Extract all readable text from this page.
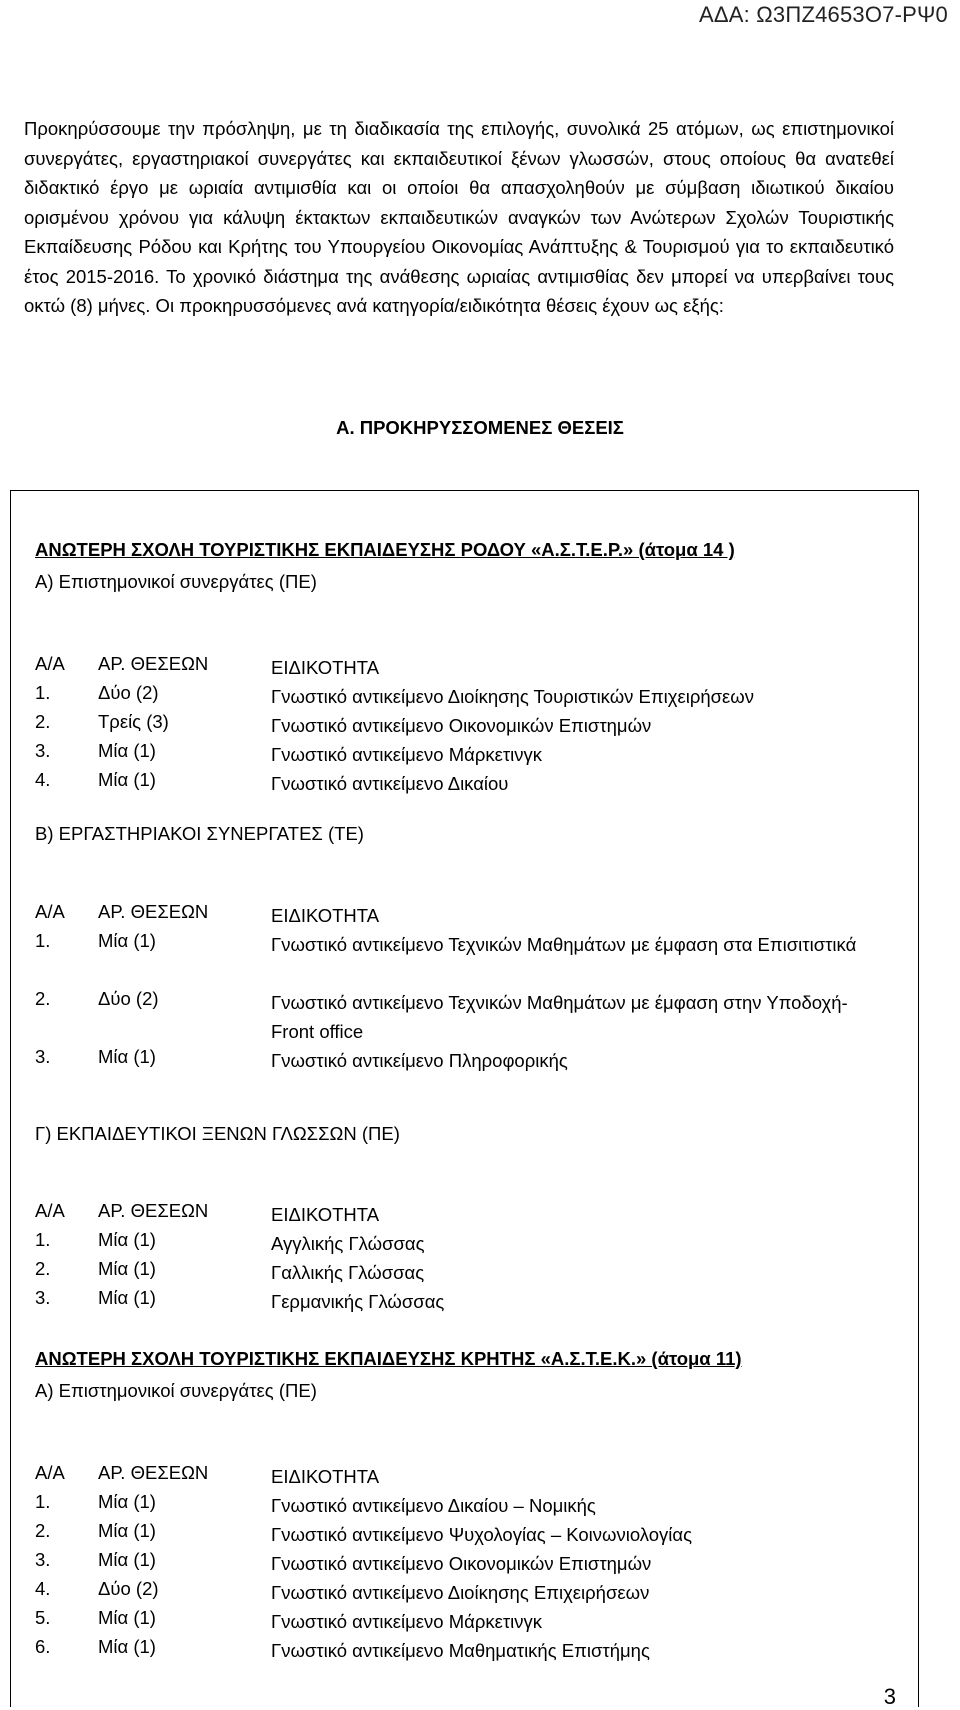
ΑΔΑ: Ω3ΠΖ4653Ο7-ΡΨ0

Προκηρύσσουμε την πρόσληψη, με τη διαδικασία της επιλογής, συνολικά 25 ατόμων, ως επιστημονικοί συνεργάτες, εργαστηριακοί συνεργάτες και εκπαιδευτικοί ξένων γλωσσών, στους οποίους θα ανατεθεί διδακτικό έργο με ωριαία αντιμισθία και οι οποίοι θα απασχοληθούν με σύμβαση ιδιωτικού δικαίου ορισμένου χρόνου για κάλυψη έκτακτων εκπαιδευτικών αναγκών των Ανώτερων Σχολών Τουριστικής Εκπαίδευσης Ρόδου και Κρήτης του Υπουργείου Οικονομίας Ανάπτυξης & Τουρισμού για το εκπαιδευτικό έτος 2015-2016. Το χρονικό διάστημα της ανάθεσης ωριαίας αντιμισθίας δεν μπορεί να υπερβαίνει τους οκτώ (8) μήνες. Οι προκηρυσσόμενες ανά κατηγορία/ειδικότητα θέσεις έχουν ως εξής:

Α. ΠΡΟΚΗΡΥΣΣΟΜΕΝΕΣ ΘΕΣΕΙΣ
ΑΝΩΤΕΡΗ ΣΧΟΛΗ ΤΟΥΡΙΣΤΙΚΗΣ ΕΚΠΑΙΔΕΥΣΗΣ ΡΟΔΟΥ «Α.Σ.Τ.Ε.Ρ.» (άτομα 14 )
Α) Επιστημονικοί συνεργάτες (ΠΕ)
Α/Α ΑΡ. ΘΕΣΕΩΝ	ΕΙΔΙΚΟΤΗΤΑ
1.	Δύο (2)	Γνωστικό αντικείμενο Διοίκησης Τουριστικών Επιχειρήσεων
2.	Τρείς (3)	Γνωστικό αντικείμενο Οικονομικών Επιστημών
3.	Μία (1)	Γνωστικό αντικείμενο Μάρκετινγκ
4.	Μία (1)	Γνωστικό αντικείμενο Δικαίου
Β) ΕΡΓΑΣΤΗΡΙΑΚΟΙ ΣΥΝΕΡΓΑΤΕΣ (ΤΕ)
Α/Α ΑΡ. ΘΕΣΕΩΝ	ΕΙΔΙΚΟΤΗΤΑ
1.	Μία (1)	Γνωστικό αντικείμενο Τεχνικών Μαθημάτων με έμφαση στα Επισιτιστικά
2.	Δύο (2)	Γνωστικό αντικείμενο Τεχνικών Μαθημάτων με έμφαση στην Υποδοχή-Front office
3.	Μία (1)	Γνωστικό αντικείμενο Πληροφορικής
Γ) ΕΚΠΑΙΔΕΥΤΙΚΟΙ ΞΕΝΩΝ ΓΛΩΣΣΩΝ (ΠΕ)
Α/Α ΑΡ. ΘΕΣΕΩΝ	ΕΙΔΙΚΟΤΗΤΑ
1.	Μία (1)	Αγγλικής Γλώσσας
2.	Μία (1)	Γαλλικής Γλώσσας
3.	Μία (1)	Γερμανικής Γλώσσας
ΑΝΩΤΕΡΗ ΣΧΟΛΗ ΤΟΥΡΙΣΤΙΚΗΣ ΕΚΠΑΙΔΕΥΣΗΣ ΚΡΗΤΗΣ «Α.Σ.Τ.Ε.Κ.» (άτομα 11)
Α) Επιστημονικοί συνεργάτες (ΠΕ)
Α/Α ΑΡ. ΘΕΣΕΩΝ	ΕΙΔΙΚΟΤΗΤΑ
1.	Μία (1)	Γνωστικό αντικείμενο Δικαίου – Νομικής
2.	Μία (1)	Γνωστικό αντικείμενο Ψυχολογίας – Κοινωνιολογίας
3.	Μία (1)	Γνωστικό αντικείμενο Οικονομικών Επιστημών
4.	Δύο (2)	Γνωστικό αντικείμενο Διοίκησης Επιχειρήσεων
5.	Μία (1)	Γνωστικό αντικείμενο Μάρκετινγκ
6.	Μία (1)	Γνωστικό αντικείμενο Μαθηματικής Επιστήμης
3
